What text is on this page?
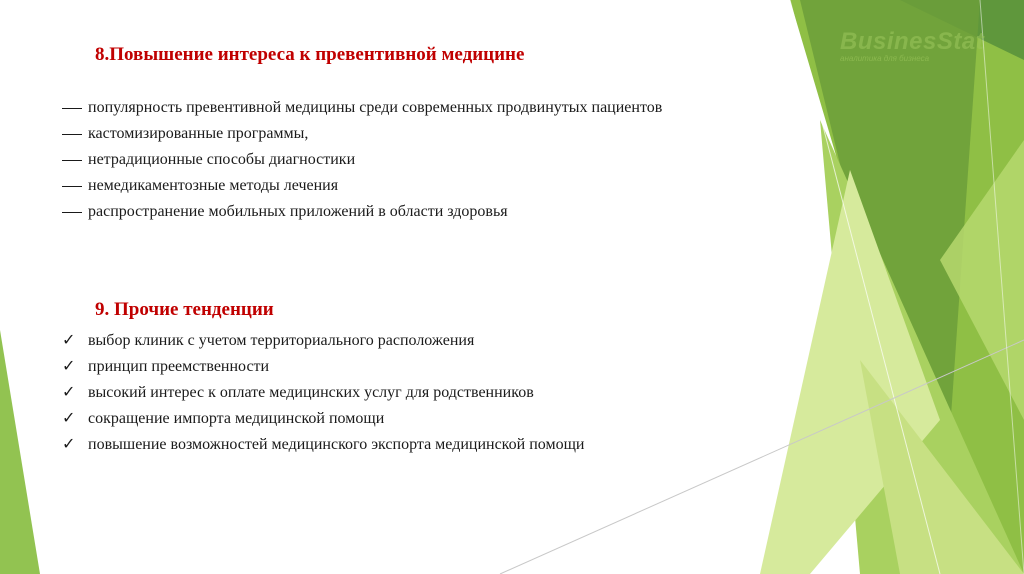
BusinesStat
аналитика для бизнеса
8.Повышение интереса к превентивной медицине
популярность превентивной медицины среди современных продвинутых пациентов
кастомизированные программы,
нетрадиционные способы диагностики
немедикаментозные методы лечения
распространение мобильных приложений в области здоровья
9. Прочие тенденции
✓ выбор клиник с учетом территориального расположения
✓ принцип преемственности
✓ высокий интерес к оплате медицинских услуг для родственников
✓ сокращение импорта медицинской помощи
✓ повышение возможностей медицинского экспорта медицинской помощи
